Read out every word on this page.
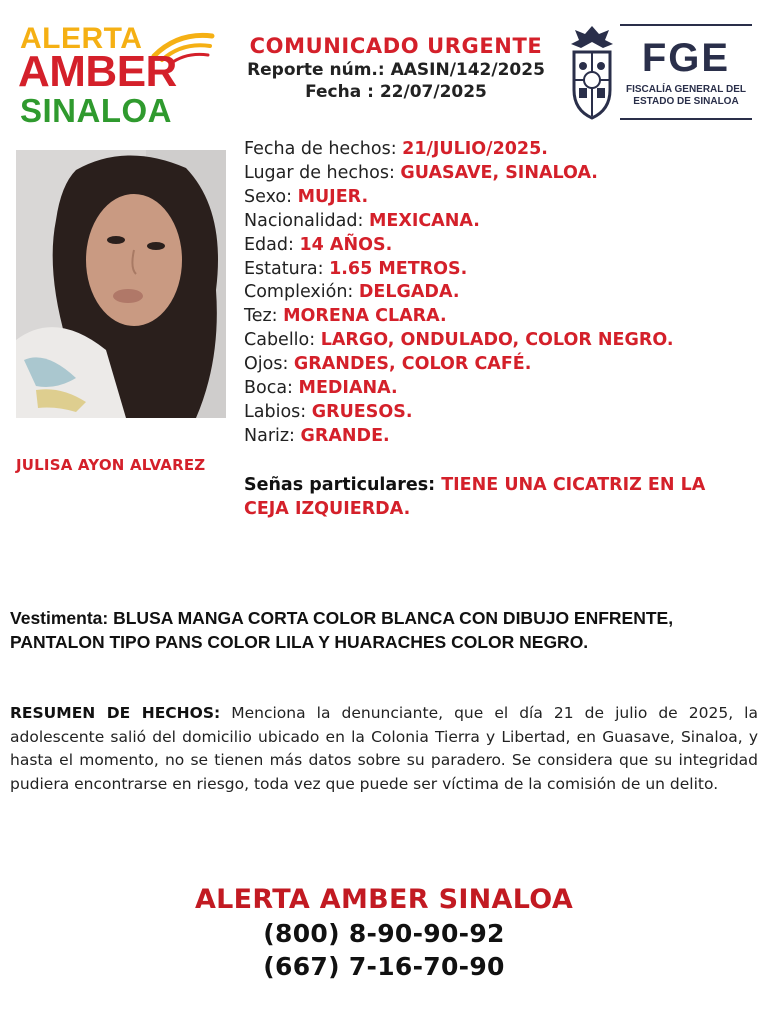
ALERTA
AMBER
SINALOA
COMUNICADO URGENTE
Reporte núm.: AASIN/142/2025
Fecha : 22/07/2025
FGE
FISCALÍA GENERAL DEL
ESTADO DE SINALOA
JULISA AYON ALVAREZ
Fecha de hechos: 21/JULIO/2025.
Lugar de hechos: GUASAVE, SINALOA.
Sexo: MUJER.
Nacionalidad: MEXICANA.
Edad: 14 AÑOS.
Estatura: 1.65 METROS.
Complexión: DELGADA.
Tez: MORENA CLARA.
Cabello: LARGO, ONDULADO, COLOR NEGRO.
Ojos: GRANDES, COLOR CAFÉ.
Boca: MEDIANA.
Labios: GRUESOS.
Nariz: GRANDE.
Señas particulares: TIENE UNA CICATRIZ EN LA CEJA IZQUIERDA.
Vestimenta: BLUSA MANGA CORTA COLOR BLANCA CON DIBUJO ENFRENTE, PANTALON TIPO PANS COLOR LILA Y HUARACHES COLOR NEGRO.
RESUMEN DE HECHOS: Menciona la denunciante, que el día 21 de julio de 2025, la adolescente salió del domicilio ubicado en la Colonia Tierra y Libertad, en Guasave, Sinaloa, y hasta el momento, no se tienen más datos sobre su paradero. Se considera que su integridad pudiera encontrarse en riesgo, toda vez que puede ser víctima de la comisión de un delito.
ALERTA AMBER SINALOA
(800) 8-90-90-92
(667) 7-16-70-90
